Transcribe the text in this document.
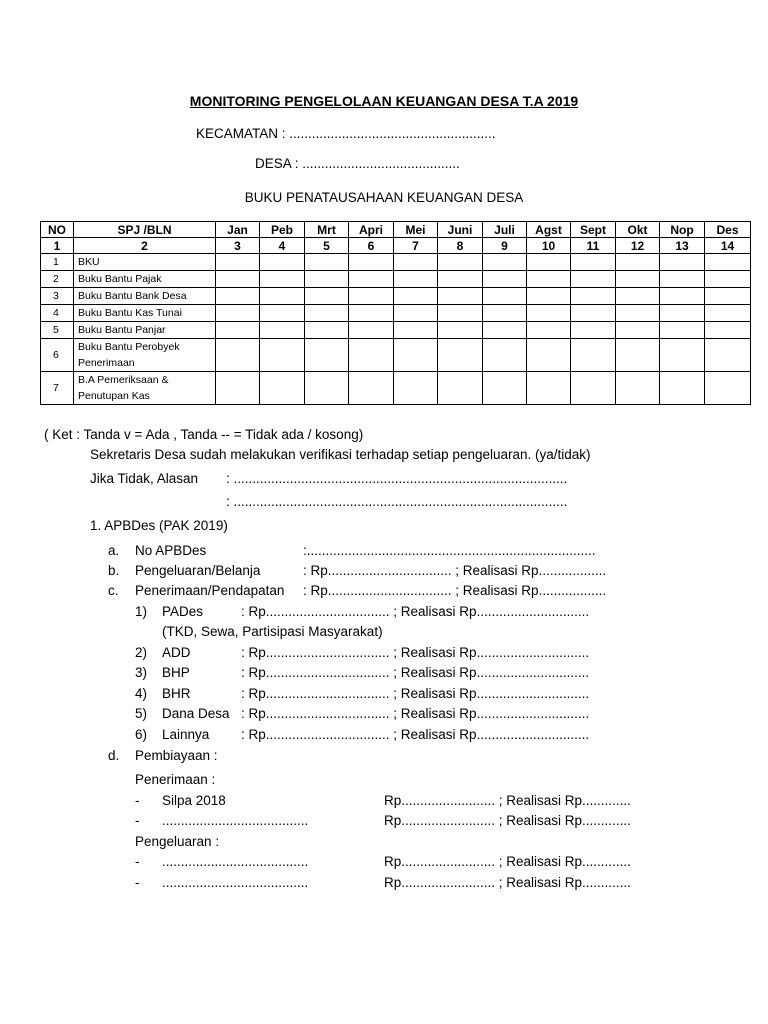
MONITORING PENGELOLAAN KEUANGAN DESA T.A 2019
KECAMATAN : .......................................................
DESA : ..........................................
BUKU PENATAUSAHAAN KEUANGAN DESA
NO	SPJ /BLN	Jan	Peb	Mrt	Apri	Mei	Juni	Juli	Agst	Sept	Okt	Nop	Des
1	2	3	4	5	6	7	8	9	10	11	12	13	14
1	BKU												
2	Buku Bantu Pajak												
3	Buku Bantu Bank Desa												
4	Buku Bantu Kas Tunai												
5	Buku Bantu Panjar												
6	Buku Bantu Perobyek Penerimaan												
7	B.A Pemeriksaan & Penutupan Kas												
( Ket : Tanda v = Ada , Tanda -- = Tidak ada / kosong)
Sekretaris Desa sudah melakukan verifikasi terhadap setiap pengeluaran. (ya/tidak)
Jika Tidak, Alasan : .........................................................................................
: .........................................................................................
1. APBDes (PAK 2019)
a. No APBDes	:.............................................................................
b. Pengeluaran/Belanja	: Rp................................. ; Realisasi Rp..................
c. Penerimaan/Pendapatan : Rp................................. ; Realisasi Rp..................
1) PADes	: Rp................................. ; Realisasi Rp..............................
(TKD, Sewa, Partisipasi Masyarakat)
2) ADD	: Rp................................. ; Realisasi Rp..............................
3) BHP	: Rp................................. ; Realisasi Rp..............................
4) BHR	: Rp................................. ; Realisasi Rp..............................
5) Dana Desa : Rp................................. ; Realisasi Rp..............................
6) Lainnya : Rp................................. ; Realisasi Rp..............................
d. Pembiayaan :
Penerimaan :
- Silpa 2018	Rp......................... ; Realisasi Rp.............
- .......................................	Rp......................... ; Realisasi Rp.............
Pengeluaran :
- .......................................	Rp......................... ; Realisasi Rp.............
- .......................................	Rp......................... ; Realisasi Rp.............
